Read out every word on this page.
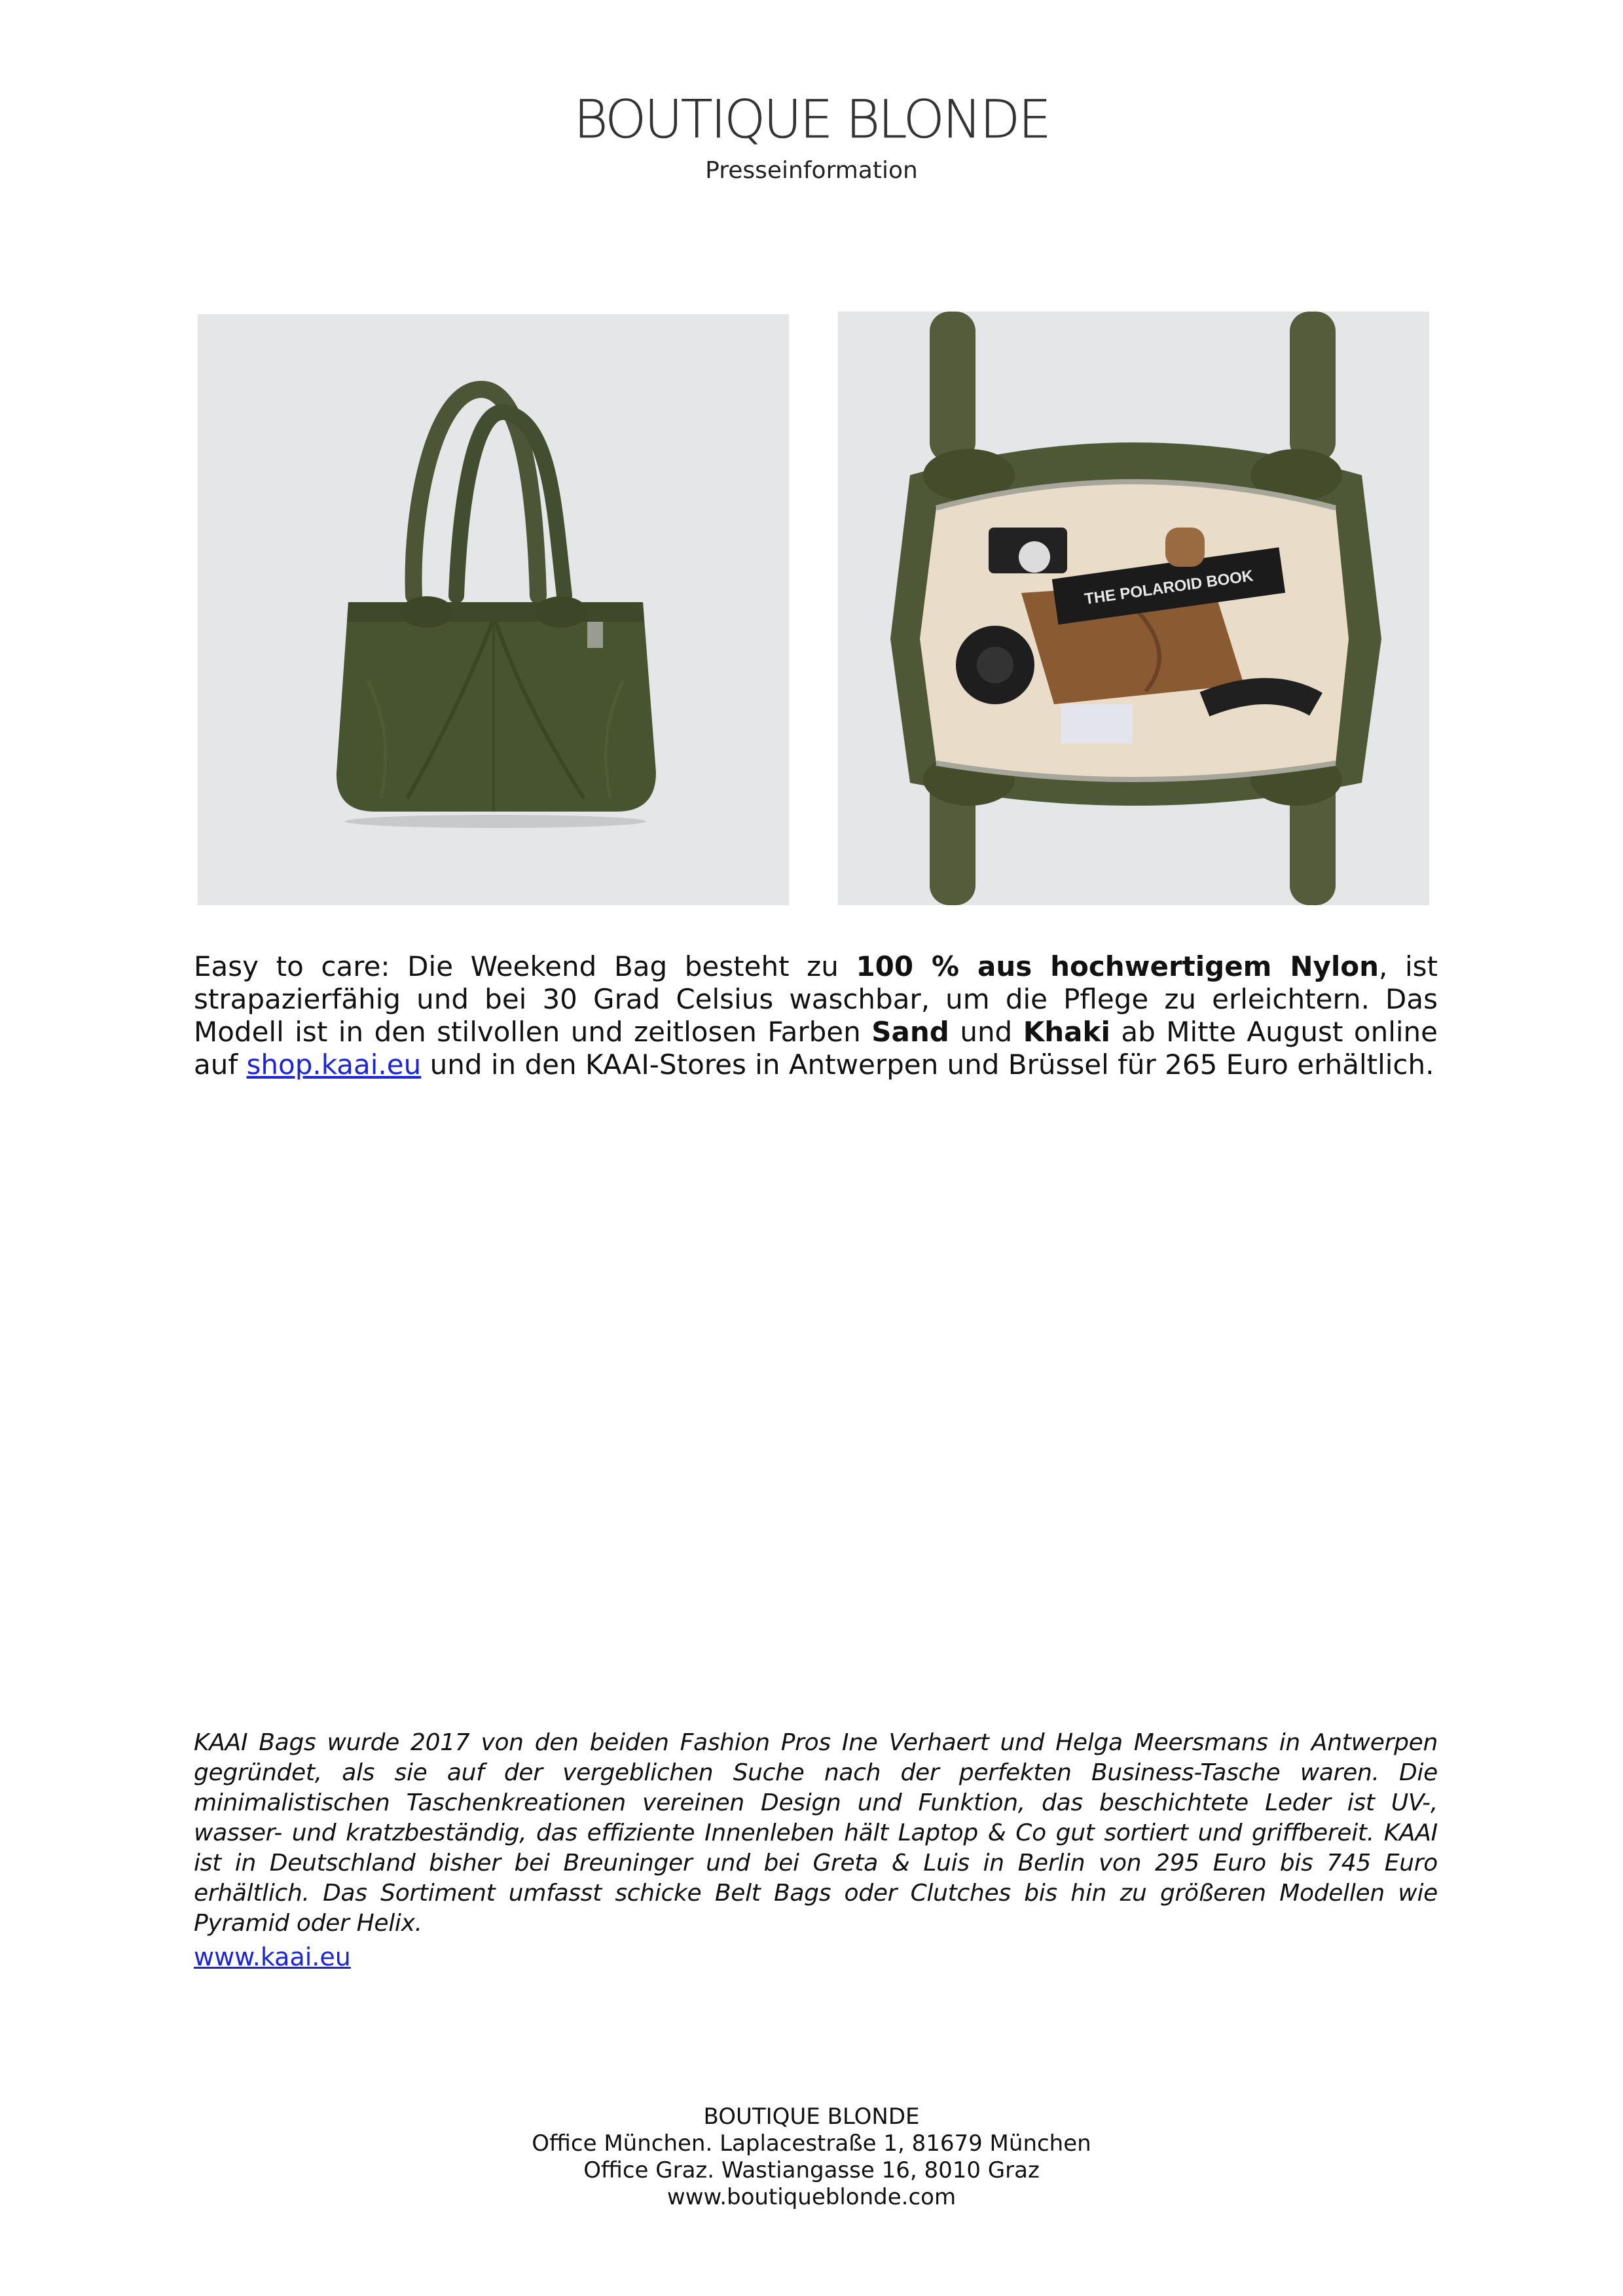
BOUTIQUE BLONDE
Presseinformation
THE POLAROID BOOK
Easy to care: Die Weekend Bag besteht zu 100 % aus hochwertigem Nylon, ist strapazierfähig und bei 30 Grad Celsius waschbar, um die Pflege zu erleichtern. Das Modell ist in den stilvollen und zeitlosen Farben Sand und Khaki ab Mitte August online auf shop.kaai.eu und in den KAAI-Stores in Antwerpen und Brüssel für 265 Euro erhältlich.
KAAI Bags wurde 2017 von den beiden Fashion Pros Ine Verhaert und Helga Meersmans in Antwerpen gegründet, als sie auf der vergeblichen Suche nach der perfekten Business-Tasche waren. Die minimalistischen Taschenkreationen vereinen Design und Funktion, das beschichtete Leder ist UV-, wasser- und kratzbeständig, das effiziente Innenleben hält Laptop & Co gut sortiert und griffbereit. KAAI ist in Deutschland bisher bei Breuninger und bei Greta & Luis in Berlin von 295 Euro bis 745 Euro erhältlich. Das Sortiment umfasst schicke Belt Bags oder Clutches bis hin zu größeren Modellen wie Pyramid oder Helix.
www.kaai.eu
BOUTIQUE BLONDE
Office München. Laplacestraße 1, 81679 München
Office Graz. Wastiangasse 16, 8010 Graz
www.boutiqueblonde.com
